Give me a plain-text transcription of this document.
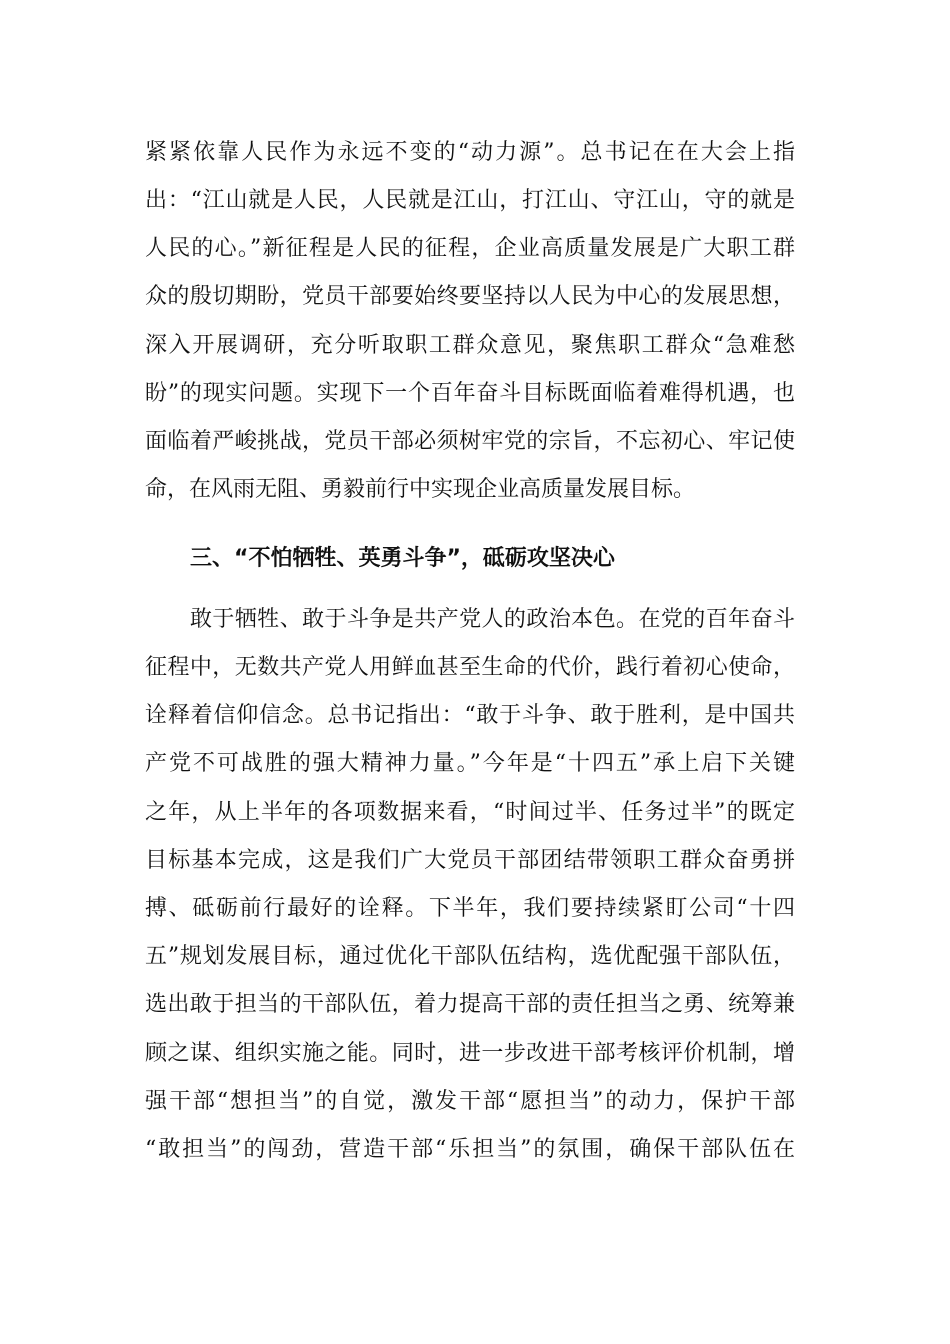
紧紧依靠人民作为永远不变的“动力源”。总书记在在大会上指
出：“江山就是人民，人民就是江山，打江山、守江山，守的就是
人民的心。”新征程是人民的征程，企业高质量发展是广大职工群
众的殷切期盼，党员干部要始终要坚持以人民为中心的发展思想，
深入开展调研，充分听取职工群众意见，聚焦职工群众“急难愁
盼”的现实问题。实现下一个百年奋斗目标既面临着难得机遇，也
面临着严峻挑战，党员干部必须树牢党的宗旨，不忘初心、牢记使
命，在风雨无阻、勇毅前行中实现企业高质量发展目标。
三、“不怕牺牲、英勇斗争”，砥砺攻坚决心
敢于牺牲、敢于斗争是共产党人的政治本色。在党的百年奋斗
征程中，无数共产党人用鲜血甚至生命的代价，践行着初心使命，
诠释着信仰信念。总书记指出：“敢于斗争、敢于胜利，是中国共
产党不可战胜的强大精神力量。”今年是“十四五”承上启下关键
之年，从上半年的各项数据来看，“时间过半、任务过半”的既定
目标基本完成，这是我们广大党员干部团结带领职工群众奋勇拼
搏、砥砺前行最好的诠释。下半年，我们要持续紧盯公司“十四
五”规划发展目标，通过优化干部队伍结构，选优配强干部队伍，
选出敢于担当的干部队伍，着力提高干部的责任担当之勇、统筹兼
顾之谋、组织实施之能。同时，进一步改进干部考核评价机制，增
强干部“想担当”的自觉，激发干部“愿担当”的动力，保护干部
“敢担当”的闯劲，营造干部“乐担当”的氛围，确保干部队伍在
